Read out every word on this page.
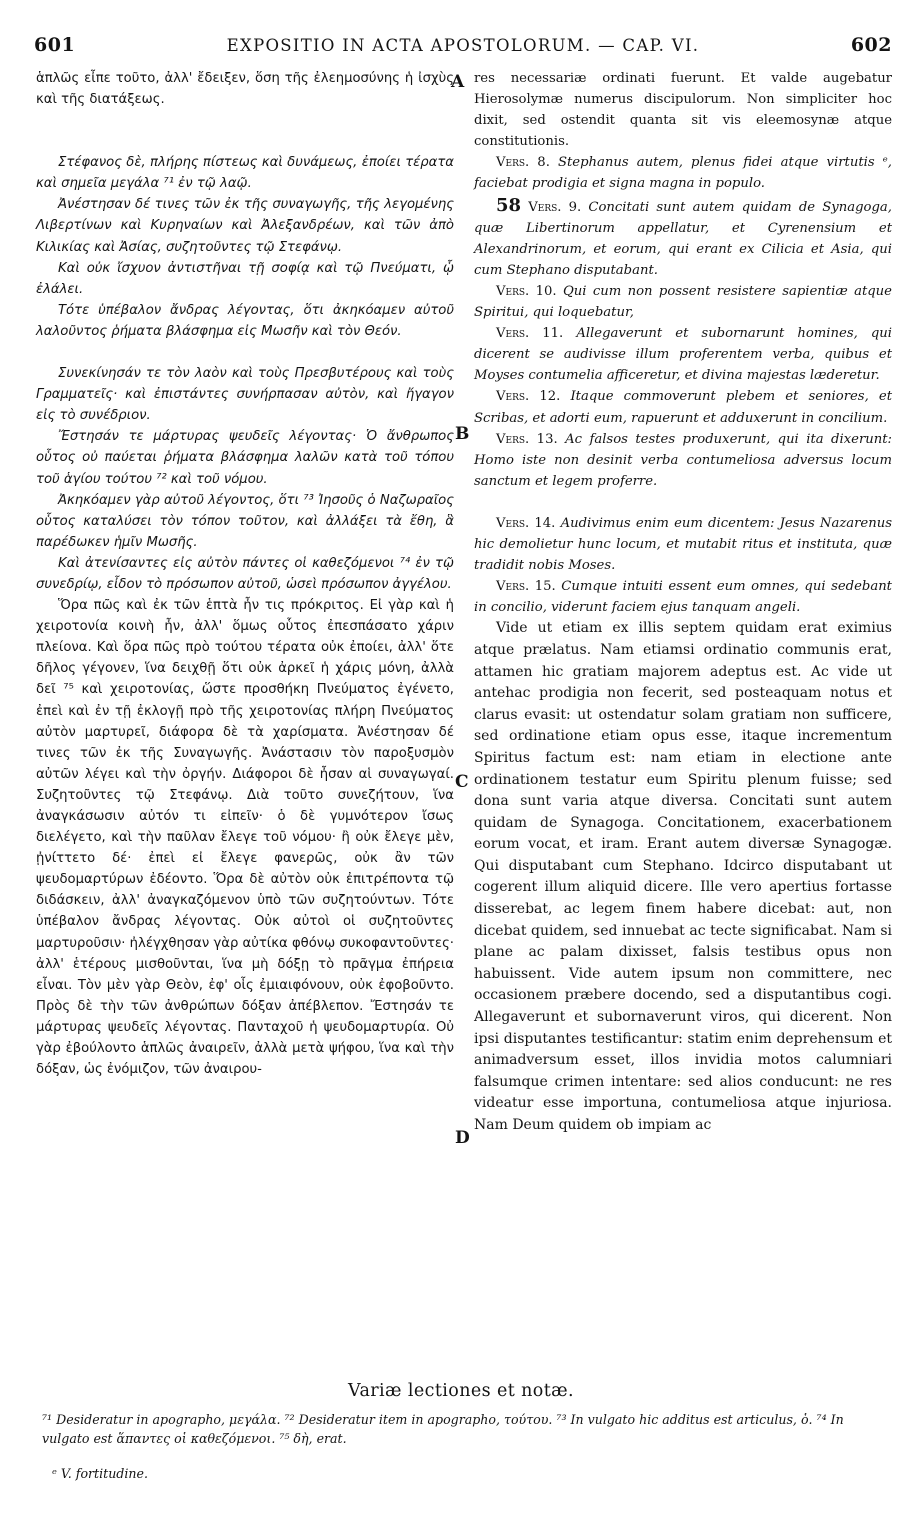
601	EXPOSITIO IN ACTA APOSTOLORUM. — CAP. VI.	602
A
B
C
D

ἁπλῶς εἶπε τοῦτο, ἀλλ' ἔδειξεν, ὅση τῆς ἐλεημοσύνης ἡ ἰσχὺς καὶ τῆς διατάξεως.

Στέφανος δὲ, πλήρης πίστεως καὶ δυνάμεως, ἐποίει τέρατα καὶ σημεῖα μεγάλα ⁷¹ ἐν τῷ λαῷ.

Ἀνέστησαν δέ τινες τῶν ἐκ τῆς συναγωγῆς, τῆς λεγομένης Λιβερτίνων καὶ Κυρηναίων καὶ Ἀλεξανδρέων, καὶ τῶν ἀπὸ Κιλικίας καὶ Ἀσίας, συζητοῦντες τῷ Στεφάνῳ.

Καὶ οὐκ ἴσχυον ἀντιστῆναι τῇ σοφίᾳ καὶ τῷ Πνεύματι, ᾧ ἐλάλει.

Τότε ὑπέβαλον ἄνδρας λέγοντας, ὅτι ἀκηκόαμεν αὐτοῦ λαλοῦντος ῥήματα βλάσφημα εἰς Μωσῆν καὶ τὸν Θεόν.

Συνεκίνησάν τε τὸν λαὸν καὶ τοὺς Πρεσβυτέρους καὶ τοὺς Γραμματεῖς· καὶ ἐπιστάντες συνήρπασαν αὐτὸν, καὶ ἤγαγον εἰς τὸ συνέδριον.

Ἔστησάν τε μάρτυρας ψευδεῖς λέγοντας· Ὁ ἄνθρωπος οὗτος οὐ παύεται ῥήματα βλάσφημα λαλῶν κατὰ τοῦ τόπου τοῦ ἁγίου τούτου ⁷² καὶ τοῦ νόμου.

Ἀκηκόαμεν γὰρ αὐτοῦ λέγοντος, ὅτι ⁷³ Ἰησοῦς ὁ Ναζωραῖος οὗτος καταλύσει τὸν τόπον τοῦτον, καὶ ἀλλάξει τὰ ἔθη, ἃ παρέδωκεν ἡμῖν Μωσῆς.

Καὶ ἀτενίσαντες εἰς αὐτὸν πάντες οἱ καθεζόμενοι ⁷⁴ ἐν τῷ συνεδρίῳ, εἶδον τὸ πρόσωπον αὐτοῦ, ὡσεὶ πρόσωπον ἀγγέλου.

Ὅρα πῶς καὶ ἐκ τῶν ἑπτὰ ἦν τις πρόκριτος. Εἰ γὰρ καὶ ἡ χειροτονία κοινὴ ἦν, ἀλλ' ὅμως οὗτος ἐπεσπάσατο χάριν πλείονα. Καὶ ὅρα πῶς πρὸ τούτου τέρατα οὐκ ἐποίει, ἀλλ' ὅτε δῆλος γέγονεν, ἵνα δειχθῇ ὅτι οὐκ ἀρκεῖ ἡ χάρις μόνη, ἀλλὰ δεῖ ⁷⁵ καὶ χειροτονίας, ὥστε προσθήκη Πνεύματος ἐγένετο, ἐπεὶ καὶ ἐν τῇ ἐκλογῇ πρὸ τῆς χειροτονίας πλήρη Πνεύματος αὐτὸν μαρτυρεῖ, διάφορα δὲ τὰ χαρίσματα. Ἀνέστησαν δέ τινες τῶν ἐκ τῆς Συναγωγῆς. Ἀνάστασιν τὸν παροξυσμὸν αὐτῶν λέγει καὶ τὴν ὀργήν. Διάφοροι δὲ ἦσαν αἱ συναγωγαί. Συζητοῦντες τῷ Στεφάνῳ. Διὰ τοῦτο συνεζήτουν, ἵνα ἀναγκάσωσιν αὐτόν τι εἰπεῖν· ὁ δὲ γυμνότερον ἴσως διελέγετο, καὶ τὴν παῦλαν ἔλεγε τοῦ νόμου· ἢ οὐκ ἔλεγε μὲν, ᾐνίττετο δέ· ἐπεὶ εἰ ἔλεγε φανερῶς, οὐκ ἂν τῶν ψευδομαρτύρων ἐδέοντο. Ὅρα δὲ αὐτὸν οὐκ ἐπιτρέποντα τῷ διδάσκειν, ἀλλ' ἀναγκαζόμενον ὑπὸ τῶν συζητούντων. Τότε ὑπέβαλον ἄνδρας λέγοντας. Οὐκ αὐτοὶ οἱ συζητοῦντες μαρτυροῦσιν· ἠλέγχθησαν γὰρ αὐτίκα φθόνῳ συκοφαντοῦντες· ἀλλ' ἑτέρους μισθοῦνται, ἵνα μὴ δόξῃ τὸ πρᾶγμα ἐπήρεια εἶναι. Τὸν μὲν γὰρ Θεὸν, ἐφ' οἷς ἐμιαιφόνουν, οὐκ ἐφοβοῦντο. Πρὸς δὲ τὴν τῶν ἀνθρώπων δόξαν ἀπέβλεπον. Ἔστησάν τε μάρτυρας ψευδεῖς λέγοντας. Πανταχοῦ ἡ ψευδομαρτυρία. Οὐ γὰρ ἐβούλοντο ἁπλῶς ἀναιρεῖν, ἀλλὰ μετὰ ψήφου, ἵνα καὶ τὴν δόξαν, ὡς ἐνόμιζον, τῶν ἀναιρου-

res necessariæ ordinati fuerunt. Et valde augebatur Hierosolymæ numerus discipulorum. Non simpliciter hoc dixit, sed ostendit quanta sit vis eleemosynæ atque constitutionis.

Vers. 8. Stephanus autem, plenus fidei atque virtutis ᵉ, faciebat prodigia et signa magna in populo.

58 Vers. 9. Concitati sunt autem quidam de Synagoga, quæ Libertinorum appellatur, et Cyrenensium et Alexandrinorum, et eorum, qui erant ex Cilicia et Asia, qui cum Stephano disputabant.

Vers. 10. Qui cum non possent resistere sapientiæ atque Spiritui, qui loquebatur,

Vers. 11. Allegaverunt et subornarunt homines, qui dicerent se audivisse illum proferentem verba, quibus et Moyses contumelia afficeretur, et divina majestas læderetur.

Vers. 12. Itaque commoverunt plebem et seniores, et Scribas, et adorti eum, rapuerunt et adduxerunt in concilium.

Vers. 13. Ac falsos testes produxerunt, qui ita dixerunt: Homo iste non desinit verba contumeliosa adversus locum sanctum et legem proferre.

Vers. 14. Audivimus enim eum dicentem: Jesus Nazarenus hic demolietur hunc locum, et mutabit ritus et instituta, quæ tradidit nobis Moses.

Vers. 15. Cumque intuiti essent eum omnes, qui sedebant in concilio, viderunt faciem ejus tanquam angeli.

Vide ut etiam ex illis septem quidam erat eximius atque prælatus. Nam etiamsi ordinatio communis erat, attamen hic gratiam majorem adeptus est. Ac vide ut antehac prodigia non fecerit, sed posteaquam notus et clarus evasit: ut ostendatur solam gratiam non sufficere, sed ordinatione etiam opus esse, itaque incrementum Spiritus factum est: nam etiam in electione ante ordinationem testatur eum Spiritu plenum fuisse; sed dona sunt varia atque diversa. Concitati sunt autem quidam de Synagoga. Concitationem, exacerbationem eorum vocat, et iram. Erant autem diversæ Synagogæ. Qui disputabant cum Stephano. Idcirco disputabant ut cogerent illum aliquid dicere. Ille vero apertius fortasse disserebat, ac legem finem habere dicebat: aut, non dicebat quidem, sed innuebat ac tecte significabat. Nam si plane ac palam dixisset, falsis testibus opus non habuissent. Vide autem ipsum non committere, nec occasionem præbere docendo, sed a disputantibus cogi. Allegaverunt et subornaverunt viros, qui dicerent. Non ipsi disputantes testificantur: statim enim deprehensum et animadversum esset, illos invidia motos calumniari falsumque crimen intentare: sed alios conducunt: ne res videatur esse importuna, contumeliosa atque injuriosa. Nam Deum quidem ob impiam ac

Variæ lectiones et notæ.

⁷¹ Desideratur in apographo, μεγάλα. ⁷² Desideratur item in apographo, τούτου. ⁷³ In vulgato hic additus est articulus, ὁ. ⁷⁴ In vulgato est ἅπαντες οἱ καθεζόμενοι. ⁷⁵ δὴ, erat.

ᵉ V. fortitudine.
